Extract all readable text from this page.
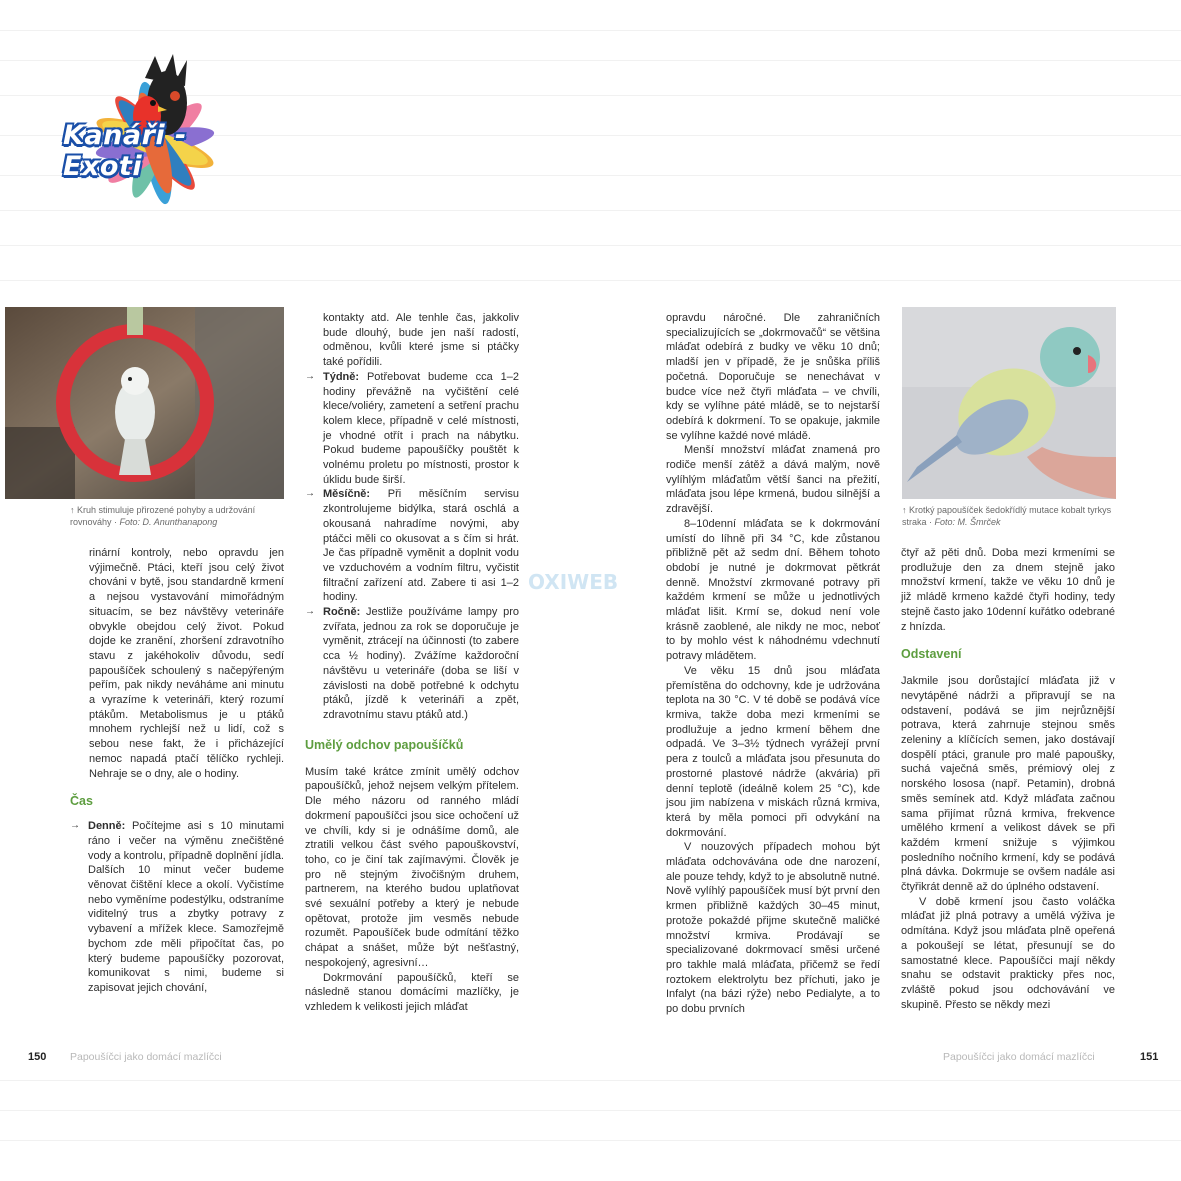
Kanáři - Exoti
OXIWEB
↑ Kruh stimuluje přirozené pohyby a udržování rovnováhy · Foto: D. Anunthanapong
↑ Krotký papoušíček šedokřídlý mutace kobalt tyrkys straka · Foto: M. Šmrček

rinární kontroly, nebo opravdu jen výjimečně. Ptáci, kteří jsou celý život chováni v bytě, jsou standardně krmení a nejsou vystavování mimořádným situacím, se bez návštěvy veterináře obvykle obejdou celý život. Pokud dojde ke zranění, zhoršení zdravotního stavu z jakéhokoliv důvodu, sedí papoušíček schoulený s načepýřeným peřím, pak nikdy neváháme ani minutu a vyrazíme k veterináři, který rozumí ptákům. Metabolismus je u ptáků mnohem rychlejší než u lidí, což s sebou nese fakt, že i přicházející nemoc napadá ptačí tělíčko rychleji. Nehraje se o dny, ale o hodiny.

Čas
→ Denně: Počítejme asi s 10 minutami ráno i večer na výměnu znečištěné vody a kontrolu, případně doplnění jídla. Dalších 10 minut večer budeme věnovat čištění klece a okolí. Vyčistíme nebo vyměníme podestýlku, odstraníme viditelný trus a zbytky potravy z vybavení a mřížek klece. Samozřejmě bychom zde měli připočítat čas, po který budeme papoušíčky pozorovat, komunikovat s nimi, budeme si zapisovat jejich chování,

kontakty atd. Ale tenhle čas, jakkoliv bude dlouhý, bude jen naší radostí, odměnou, kvůli které jsme si ptáčky také pořídili.

→ Týdně: Potřebovat budeme cca 1–2 hodiny převážně na vyčištění celé klece/voliéry, zametení a setření prachu kolem klece, případně v celé místnosti, je vhodné otřít i prach na nábytku. Pokud budeme papoušíčky pouštět k volnému proletu po místnosti, prostor k úklidu bude širší.
→ Měsíčně: Při měsíčním servisu zkontrolujeme bidýlka, stará oschlá a okousaná nahradíme novými, aby ptáčci měli co okusovat a s čím si hrát. Je čas případně vyměnit a doplnit vodu ve vzduchovém a vodním filtru, vyčistit filtrační zařízení atd. Zabere ti asi 1–2 hodiny.
→ Ročně: Jestliže používáme lampy pro zvířata, jednou za rok se doporučuje je vyměnit, ztrácejí na účinnosti (to zabere cca ½ hodiny). Zvážíme každoroční návštěvu u veterináře (doba se liší v závislosti na době potřebné k odchytu ptáků, jízdě k veterináři a zpět, zdravotnímu stavu ptáků atd.)
Umělý odchov papoušíčků

Musím také krátce zmínit umělý odchov papoušíčků, jehož nejsem velkým přítelem. Dle mého názoru od ranného mládí dokrmení papoušíčci jsou sice ochočení už ve chvíli, kdy si je odnášíme domů, ale ztratili velkou část svého papouškovství, toho, co je činí tak zajímavými. Člověk je pro ně stejným živočišným druhem, partnerem, na kterého budou uplatňovat své sexuální potřeby a který je nebude opětovat, protože jim vesměs nebude rozumět. Papoušíček bude odmítání těžko chápat a snášet, může být nešťastný, nespokojený, agresivní…

Dokrmování papoušíčků, kteří se následně stanou domácími mazlíčky, je vzhledem k velikosti jejich mláďat

opravdu náročné. Dle zahraničních specializujících se „dokrmovačů“ se většina mláďat odebírá z budky ve věku 10 dnů; mladší jen v případě, že je snůška příliš početná. Doporučuje se nenechávat v budce více než čtyři mláďata – ve chvíli, kdy se vylíhne páté mládě, se to nejstarší odebírá k dokrmení. To se opakuje, jakmile se vylíhne každé nové mládě.

Menší množství mláďat znamená pro rodiče menší zátěž a dává malým, nově vylíhlým mláďatům větší šanci na přežití, mláďata jsou lépe krmená, budou silnější a zdravější.

8–10denní mláďata se k dokrmování umístí do líhně při 34 °C, kde zůstanou přibližně pět až sedm dní. Během tohoto období je nutné je dokrmovat pětkrát denně. Množství zkrmované potravy při každém krmení se může u jednotlivých mláďat lišit. Krmí se, dokud není vole krásně zaoblené, ale nikdy ne moc, neboť to by mohlo vést k náhodnému vdechnutí potravy mládětem.

Ve věku 15 dnů jsou mláďata přemístěna do odchovny, kde je udržována teplota na 30 °C. V té době se podává více krmiva, takže doba mezi krmeními se prodlužuje a jedno krmení během dne odpadá. Ve 3–3½ týdnech vyrážejí první pera z toulců a mláďata jsou přesunuta do prostorné plastové nádrže (akvária) při denní teplotě (ideálně kolem 25 °C), kde jsou jim nabízena v miskách různá krmiva, která by měla pomoci při odvykání na dokrmování.

V nouzových případech mohou být mláďata odchovávána ode dne narození, ale pouze tehdy, když to je absolutně nutné. Nově vylíhlý papoušíček musí být první den krmen přibližně každých 30–45 minut, protože pokaždé přijme skutečně maličké množství krmiva. Prodávají se specializované dokrmovací směsi určené pro takhle malá mláďata, přičemž se ředí roztokem elektrolytu bez příchuti, jako je Infalyt (na bázi rýže) nebo Pedialyte, a to po dobu prvních

čtyř až pěti dnů. Doba mezi krmeními se prodlužuje den za dnem stejně jako množství krmení, takže ve věku 10 dnů je již mládě krmeno každé čtyři hodiny, tedy stejně často jako 10denní kuřátko odebrané z hnízda.

Odstavení

Jakmile jsou dorůstající mláďata již v nevytápěné nádrži a připravují se na odstavení, podává se jim nejrůznější potrava, která zahrnuje stejnou směs zeleniny a klíčících semen, jako dostávají dospělí ptáci, granule pro malé papoušky, suchá vaječná směs, prémiový olej z norského lososa (např. Petamin), drobná směs semínek atd. Když mláďata začnou sama přijímat různá krmiva, frekvence umělého krmení a velikost dávek se při každém krmení snižuje s výjimkou posledního nočního krmení, kdy se podává plná dávka. Dokrmuje se ovšem nadále asi čtyřikrát denně až do úplného odstavení.

V době krmení jsou často voláčka mláďat již plná potravy a umělá výživa je odmítána. Když jsou mláďata plně opeřená a pokoušejí se létat, přesunují se do samostatné klece. Papoušíčci mají někdy snahu se odstavit prakticky přes noc, zvláště pokud jsou odchovávání ve skupině. Přesto se někdy mezi

150 Papoušíčci jako domácí mazlíčci	Papoušíčci jako domácí mazlíčci	151
